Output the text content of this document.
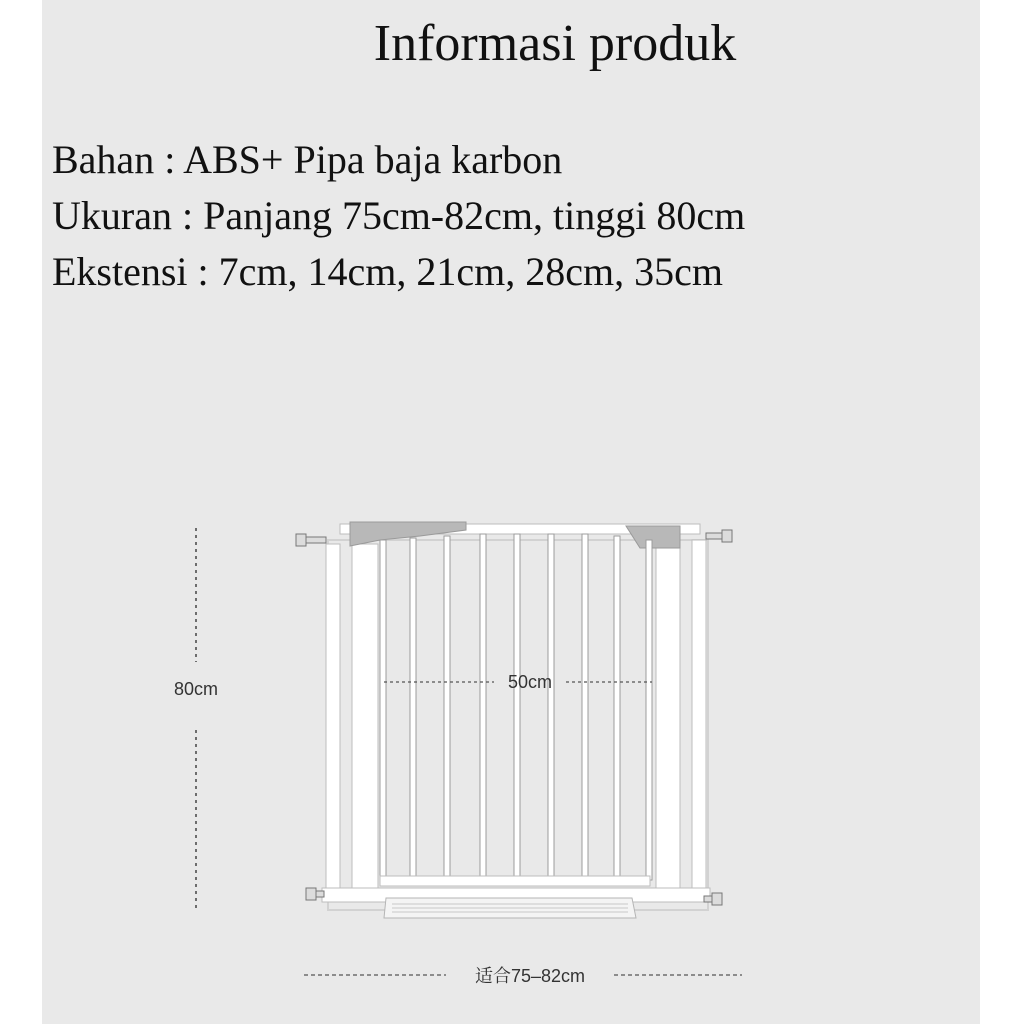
Informasi produk
Bahan : ABS+ Pipa baja karbon
Ukuran : Panjang 75cm-82cm, tinggi 80cm
Ekstensi : 7cm, 14cm, 21cm, 28cm, 35cm
80cm	50cm
适合75–82cm
